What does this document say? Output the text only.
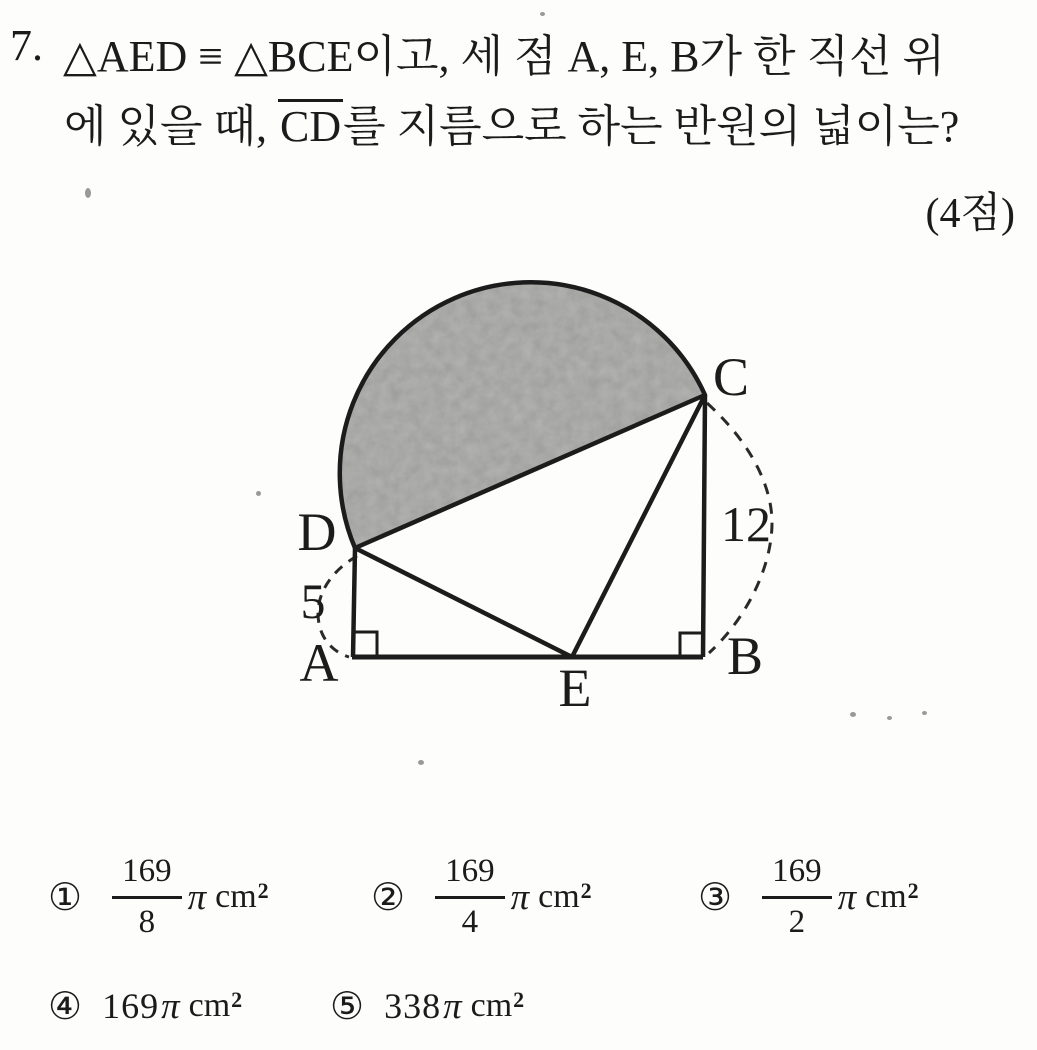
7. △AED ≡ △BCE이고, 세 점 A, E, B가 한 직선 위
에 있을 때, CD를 지름으로 하는 반원의 넓이는?
(4점)
D
A	E
B
C
5
12
① $\frac{169}{8}$ π cm 2	② $\frac{169}{4}$ π cm 2	③ $\frac{169}{2}$ π cm 2
④ 169 π cm 2 ⑤ 338 π cm 2
